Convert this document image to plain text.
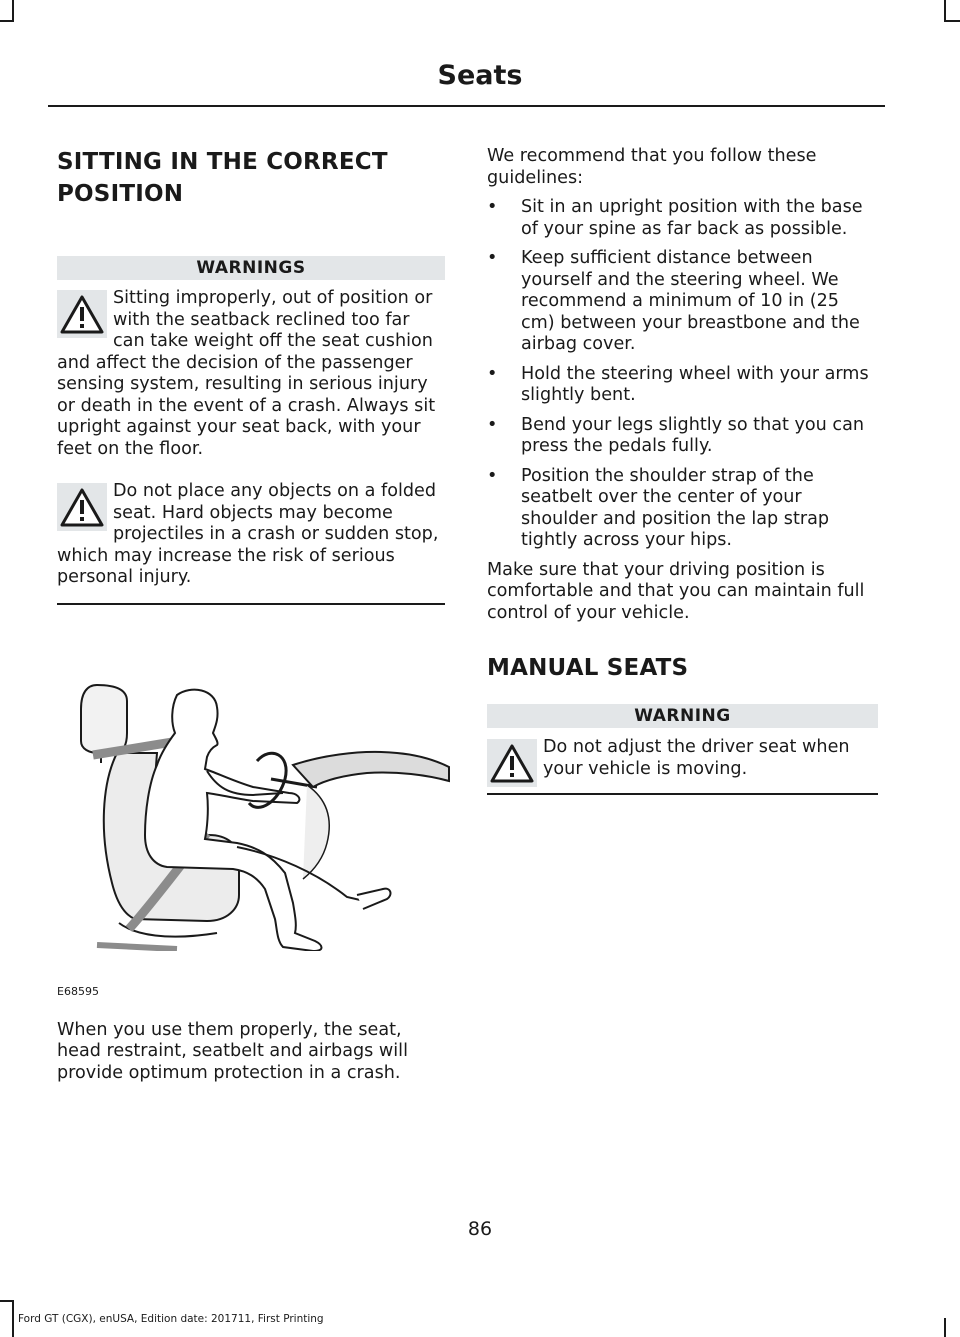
Seats
SITTING IN THE CORRECT POSITION
WARNINGS

Sitting improperly, out of position or with the seatback reclined too far can take weight off the seat cushion and affect the decision of the passenger sensing system, resulting in serious injury or death in the event of a crash. Always sit upright against your seat back, with your feet on the floor.

Do not place any objects on a folded seat. Hard objects may become projectiles in a crash or sudden stop, which may increase the risk of serious personal injury.

E68595

When you use them properly, the seat, head restraint, seatbelt and airbags will provide optimum protection in a crash.

We recommend that you follow these guidelines:

• Sit in an upright position with the base of your spine as far back as possible.
• Keep sufficient distance between yourself and the steering wheel. We recommend a minimum of 10 in (25 cm) between your breastbone and the airbag cover.
• Hold the steering wheel with your arms slightly bent.
• Bend your legs slightly so that you can press the pedals fully.
• Position the shoulder strap of the seatbelt over the center of your shoulder and position the lap strap tightly across your hips.

Make sure that your driving position is comfortable and that you can maintain full control of your vehicle.

MANUAL SEATS
WARNING

Do not adjust the driver seat when your vehicle is moving.

86
Ford GT (CGX), enUSA, Edition date: 201711, First Printing
